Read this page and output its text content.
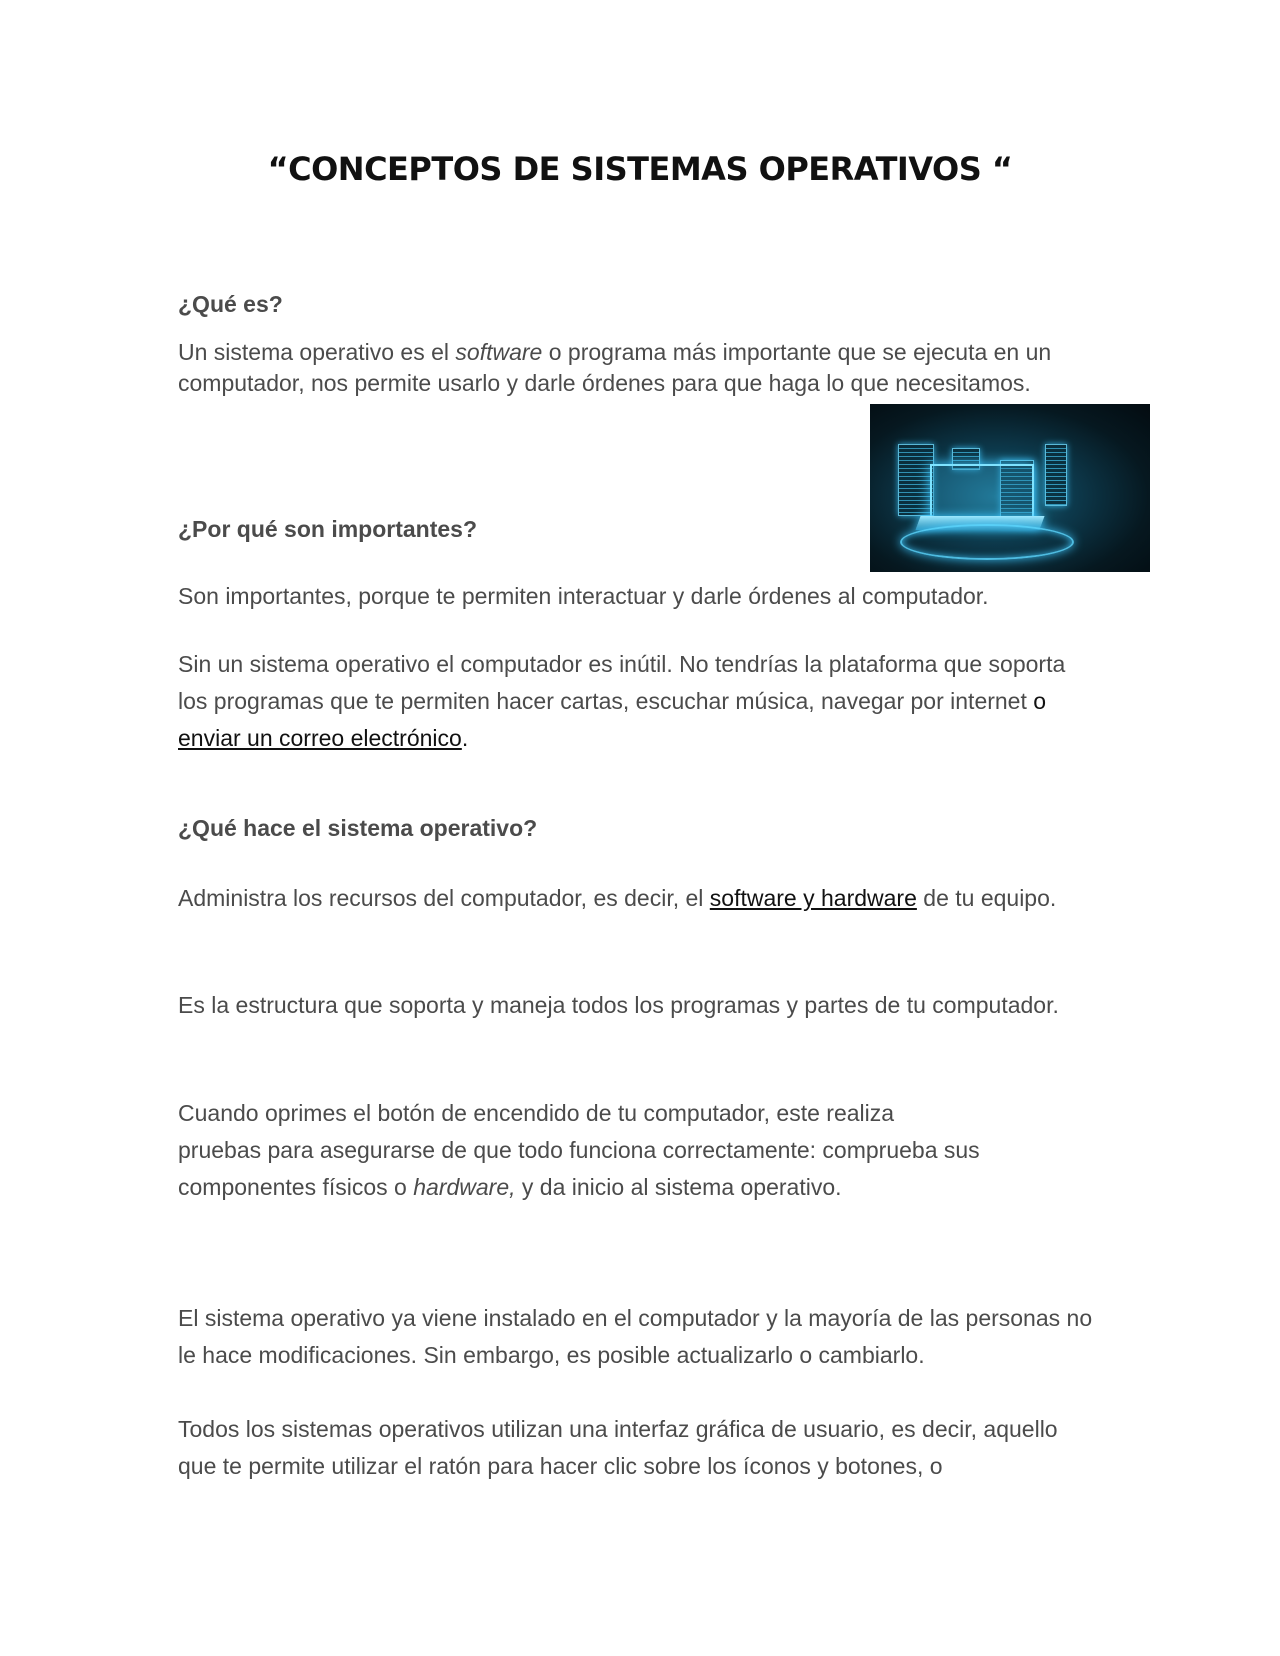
“CONCEPTOS DE SISTEMAS OPERATIVOS “

¿Qué es?

Un sistema operativo es el software o programa más importante que se ejecuta en un computador, nos permite usarlo y darle órdenes para que haga lo que necesitamos.

¿Por qué son importantes?

Son importantes, porque te permiten interactuar y darle órdenes al computador.

Sin un sistema operativo el computador es inútil. No tendrías la plataforma que soporta los programas que te permiten hacer cartas, escuchar música, navegar por internet o enviar un correo electrónico.

¿Qué hace el sistema operativo?

Administra los recursos del computador, es decir, el software y hardware de tu equipo.

Es la estructura que soporta y maneja todos los programas y partes de tu computador.

Cuando oprimes el botón de encendido de tu computador, este realiza
pruebas para asegurarse de que todo funciona correctamente: comprueba sus componentes físicos o hardware, y da inicio al sistema operativo.

El sistema operativo ya viene instalado en el computador y la mayoría de las personas no le hace modificaciones. Sin embargo, es posible actualizarlo o cambiarlo.

Todos los sistemas operativos utilizan una interfaz gráfica de usuario, es decir, aquello que te permite utilizar el ratón para hacer clic sobre los íconos y botones, o
